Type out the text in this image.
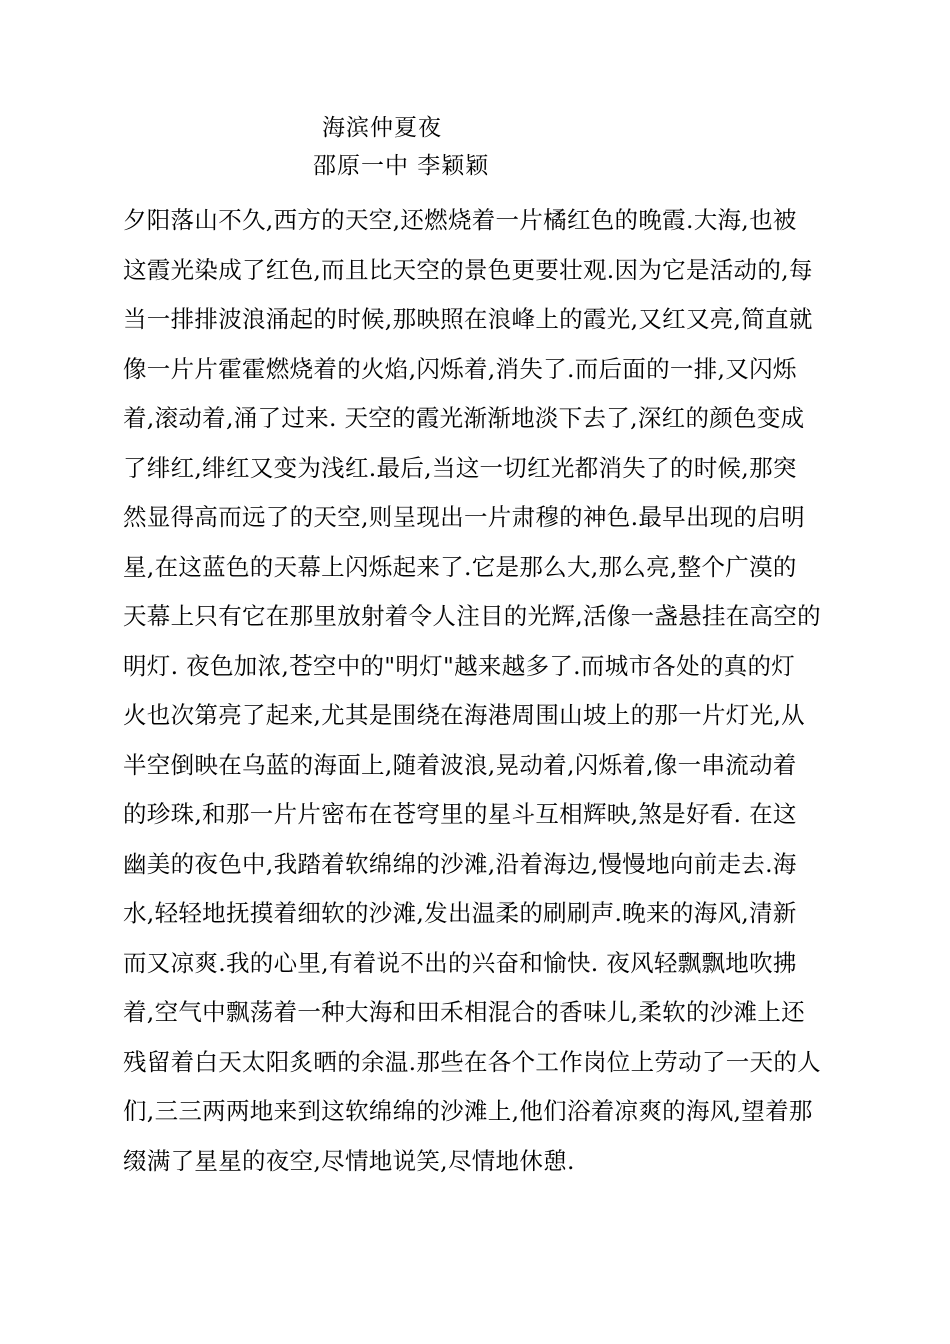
海滨仲夏夜
邵原一中 李颖颖
夕阳落山不久,西方的天空,还燃烧着一片橘红色的晚霞.大海,也被
这霞光染成了红色,而且比天空的景色更要壮观.因为它是活动的,每
当一排排波浪涌起的时候,那映照在浪峰上的霞光,又红又亮,简直就
像一片片霍霍燃烧着的火焰,闪烁着,消失了.而后面的一排,又闪烁
着,滚动着,涌了过来. 天空的霞光渐渐地淡下去了,深红的颜色变成
了绯红,绯红又变为浅红.最后,当这一切红光都消失了的时候,那突
然显得高而远了的天空,则呈现出一片肃穆的神色.最早出现的启明
星,在这蓝色的天幕上闪烁起来了.它是那么大,那么亮,整个广漠的
天幕上只有它在那里放射着令人注目的光辉,活像一盏悬挂在高空的
明灯. 夜色加浓,苍空中的"明灯"越来越多了.而城市各处的真的灯
火也次第亮了起来,尤其是围绕在海港周围山坡上的那一片灯光,从
半空倒映在乌蓝的海面上,随着波浪,晃动着,闪烁着,像一串流动着
的珍珠,和那一片片密布在苍穹里的星斗互相辉映,煞是好看. 在这
幽美的夜色中,我踏着软绵绵的沙滩,沿着海边,慢慢地向前走去.海
水,轻轻地抚摸着细软的沙滩,发出温柔的刷刷声.晚来的海风,清新
而又凉爽.我的心里,有着说不出的兴奋和愉快. 夜风轻飘飘地吹拂
着,空气中飘荡着一种大海和田禾相混合的香味儿,柔软的沙滩上还
残留着白天太阳炙晒的余温.那些在各个工作岗位上劳动了一天的人
们,三三两两地来到这软绵绵的沙滩上,他们浴着凉爽的海风,望着那
缀满了星星的夜空,尽情地说笑,尽情地休憩.
